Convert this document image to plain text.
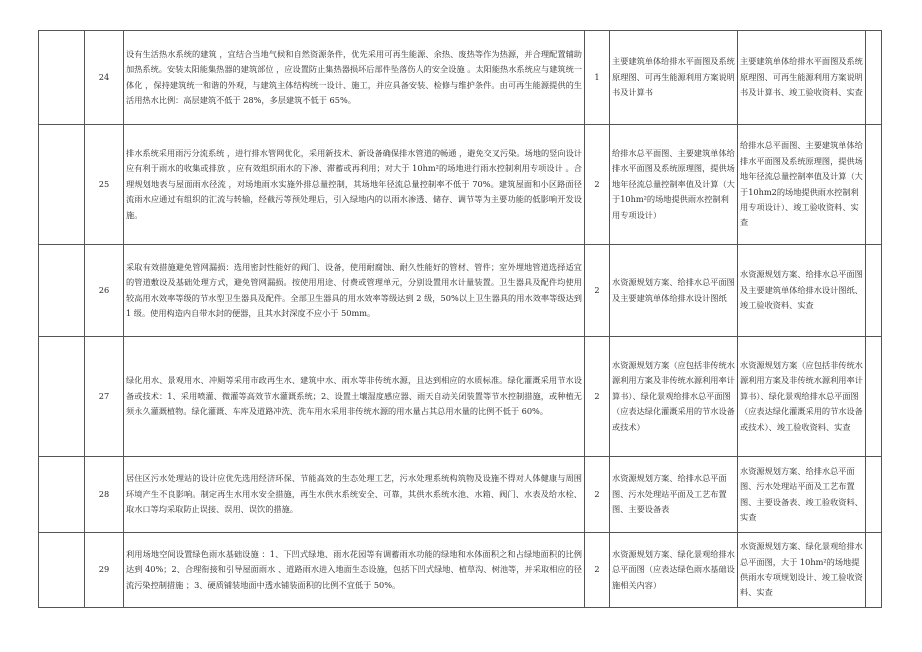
	24	设有生活热水系统的建筑 ，宜结合当地气候和自然资源条件，优先采用可再生能源、余热、废热等作为热源，并合理配置辅助加热系统。安装太阳能集热器的建筑部位 ，应设置防止集热器损坏后部件坠落伤人的安全设施 。太阳能热水系统应与建筑统一体化 ，保持建筑统一和谐的外观，与建筑主体结构统一设计、施工，并应具备安装、检修与维护条件。由可再生能源提供的生活用热水比例：高层建筑不低于 28%，多层建筑不低于 65%。	1	主要建筑单体给排水平面图及系统原理图、可再生能源利用方案说明书及计算书	主要建筑单体给排水平面图及系统原理图、可再生能源利用方案说明书及计算书、竣工验收资料、实查	
	25	排水系统采用雨污分流系统 ，进行排水管网优化，采用新技术、新设备确保排水管道的畅通 ，避免交叉污染。场地的竖向设计应有利于雨水的收集或排放 ，应有效组织雨水的下渗、滞蓄或再利用；对大于 10hm²的场地进行雨水控制利用专项设计 。合理规划地表与屋面雨水径流 ，对场地雨水实施外排总量控制，其场地年径流总量控制率不低于 70%。建筑屋面和小区路面径流雨水应通过有组织的汇流与转输，经截污等预处理后，引入绿地内的以雨水渗透、储存、调节等为主要功能的低影响开发设施。	2	给排水总平面图、主要建筑单体给排水平面图及系统原理图，提供场地年径流总量控制率值及计算（大于10hm²的场地提供雨水控制利用专项设计）	给排水总平面图、主要建筑单体给排水平面图及系统原理图，提供场地年径流总量控制率值及计算（大于10hm2的场地提供雨水控制利用专项设计）、竣工验收资料、实查	
	26	采取有效措施避免管网漏损：选用密封性能好的阀门、设备，使用耐腐蚀、耐久性能好的管材、管件；室外埋地管道选择适宜的管道敷设及基础处理方式，避免管网漏损。按使用用途、付费或管理单元，分别设置用水计量装置。卫生器具及配件均使用较高用水效率等级的节水型卫生器具及配件。全部卫生器具的用水效率等级达到 2 级，50%以上卫生器具的用水效率等级达到 1 级。使用构造内自带水封的便器，且其水封深度不应小于 50mm。	2	水资源规划方案、给排水总平面图及主要建筑单体给排水设计图纸	水资源规划方案、给排水总平面图及主要建筑单体给排水设计图纸、竣工验收资料、实查	
	27	绿化用水、景观用水、冲厕等采用市政再生水、建筑中水、雨水等非传统水源，且达到相应的水质标准。绿化灌溉采用节水设备或技术：1、采用喷灌、微灌等高效节水灌溉系统；2、设置土壤湿度感应器、雨天自动关闭装置等节水控制措施，或种植无须永久灌溉植物。绿化灌溉、车库及道路冲洗、洗车用水采用非传统水源的用水量占其总用水量的比例不低于 60%。	2	水资源规划方案（应包括非传统水源利用方案及非传统水源利用率计算书）、绿化景观给排水总平面图（应表达绿化灌溉采用的节水设备或技术）	水资源规划方案（应包括非传统水源利用方案及非传统水源利用率计算书）、绿化景观给排水总平面图（应表达绿化灌溉采用的节水设备或技术）、竣工验收资料、实查	
	28	居住区污水处理站的设计应优先选用经济环保、节能高效的生态处理工艺，污水处理系统构筑物及设施不得对人体健康与周围环境产生不良影响。制定再生水用水安全措施，再生水供水系统安全、可靠，其供水系统水池、水箱、阀门、水表及给水栓、取水口等均采取防止误接、误用、误饮的措施。	2	水资源规划方案、给排水总平面图、污水处理站平面及工艺布置图、主要设备表	水资源规划方案、给排水总平面图、污水处理站平面及工艺布置图、主要设备表、竣工验收资料、实查	
	29	利用场地空间设置绿色雨水基础设施 ：1、下凹式绿地、雨水花园等有调蓄雨水功能的绿地和水体面积之和占绿地面积的比例达到 40%；2、合理衔接和引导屋面雨水 、道路雨水进入地面生态设施，包括下凹式绿地、植草沟、树池等，并采取相应的径流污染控制措施 ；3、硬质铺装地面中透水铺装面积的比例不宜低于 50%。	2	水资源规划方案、绿化景观给排水总平面图（应表达绿色雨水基础设施相关内容）	水资源规划方案、绿化景观给排水总平面图，大于 10hm²的场地提供雨水专项规划设计、竣工验收资料、实查	
